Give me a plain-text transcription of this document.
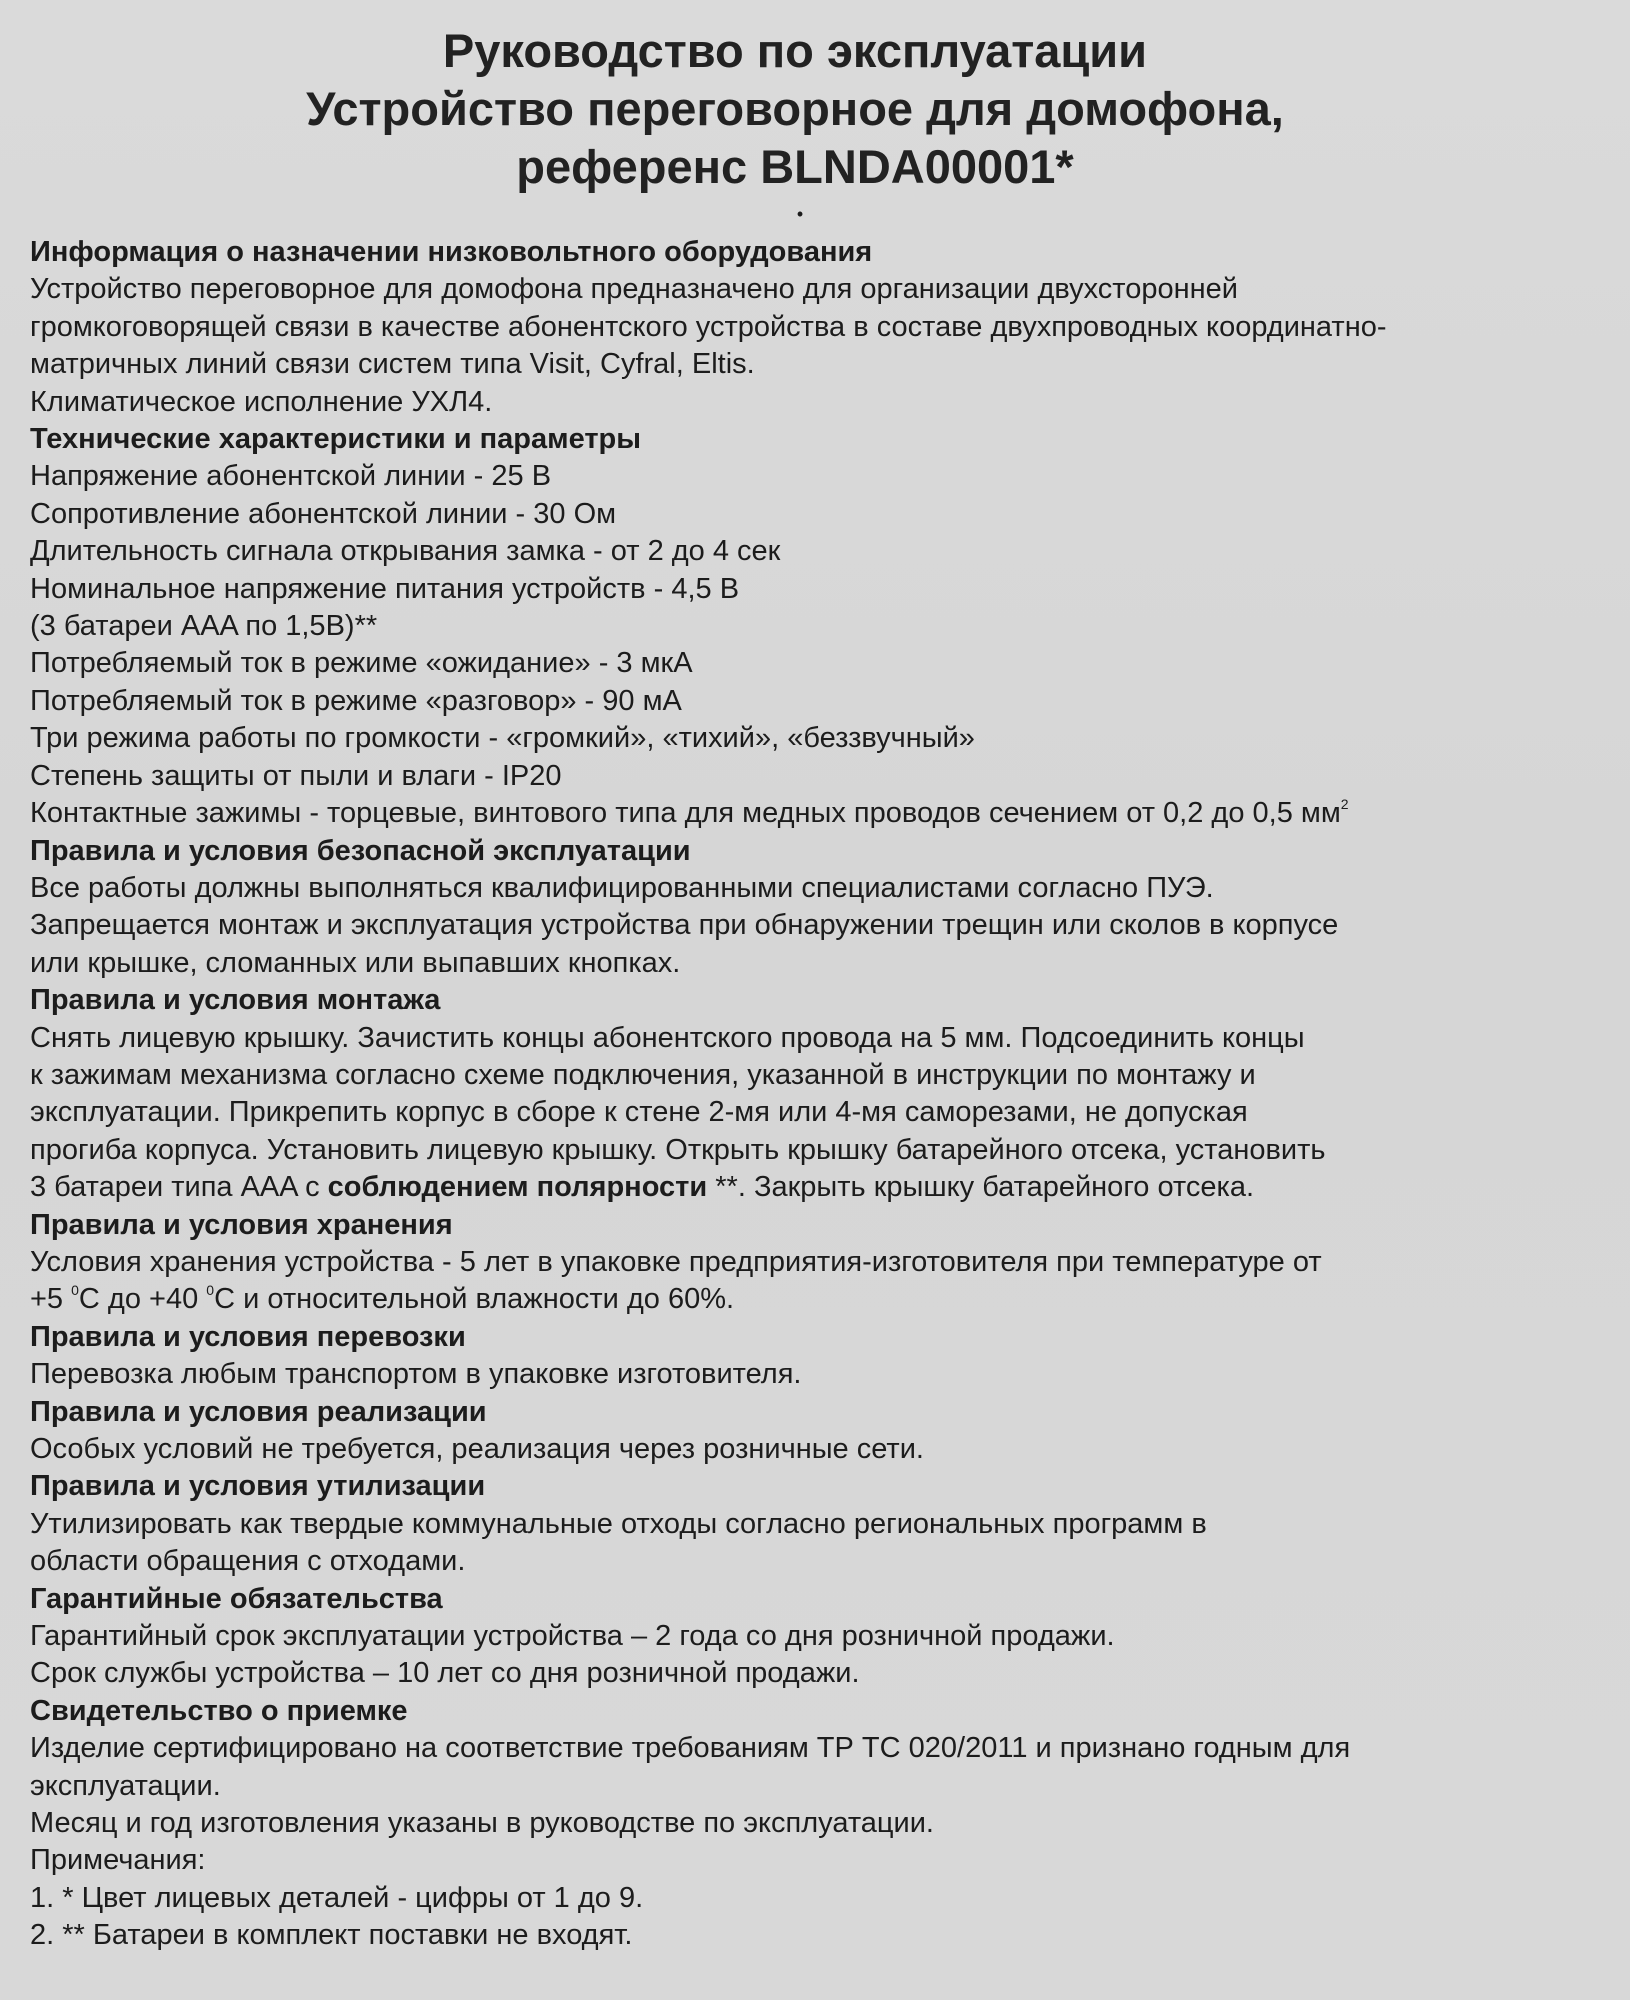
Руководство по эксплуатации
Устройство переговорное для домофона,
референс BLNDA00001*
•
Информация о назначении низковольтного оборудования
Устройство переговорное для домофона предназначено для организации двухсторонней
громкоговорящей связи в качестве абонентского устройства в составе двухпроводных координатно-
матричных линий связи систем типа Visit, Cyfral, Eltis.
Климатическое исполнение УХЛ4.
Технические характеристики и параметры
Напряжение абонентской линии - 25 В
Сопротивление абонентской линии - 30 Ом
Длительность сигнала открывания замка - от 2 до 4 сек
Номинальное напряжение питания устройств - 4,5 В
(3 батареи AAA по 1,5В)**
Потребляемый ток в режиме «ожидание» - 3 мкА
Потребляемый ток в режиме «разговор» - 90 мА
Три режима работы по громкости - «громкий», «тихий», «беззвучный»
Степень защиты от пыли и влаги - IP20
Контактные зажимы - торцевые, винтового типа для медных проводов сечением от 0,2 до 0,5 $мм^2$
Правила и условия безопасной эксплуатации
Все работы должны выполняться квалифицированными специалистами согласно ПУЭ.
Запрещается монтаж и эксплуатация устройства при обнаружении трещин или сколов в корпусе
или крышке, сломанных или выпавших кнопках.
Правила и условия монтажа
Снять лицевую крышку. Зачистить концы абонентского провода на 5 мм. Подсоединить концы
к зажимам механизма согласно схеме подключения, указанной в инструкции по монтажу и
эксплуатации. Прикрепить корпус в сборе к стене 2-мя или 4-мя саморезами, не допуская
прогиба корпуса. Установить лицевую крышку. Открыть крышку батарейного отсека, установить
3 батареи типа AAA с соблюдением полярности **. Закрыть крышку батарейного отсека.
Правила и условия хранения
Условия хранения устройства - 5 лет в упаковке предприятия-изготовителя при температуре от
+5 $^0$С до +40 $^0$С и относительной влажности до 60%.
Правила и условия перевозки
Перевозка любым транспортом в упаковке изготовителя.
Правила и условия реализации
Особых условий не требуется, реализация через розничные сети.
Правила и условия утилизации
Утилизировать как твердые коммунальные отходы согласно региональных программ в
области обращения с отходами.
Гарантийные обязательства
Гарантийный срок эксплуатации устройства – 2 года со дня розничной продажи.
Срок службы устройства – 10 лет со дня розничной продажи.
Свидетельство о приемке
Изделие сертифицировано на соответствие требованиям ТР ТС 020/2011 и признано годным для
эксплуатации.
Месяц и год изготовления указаны в руководстве по эксплуатации.
Примечания:
1. * Цвет лицевых деталей - цифры от 1 до 9.
2. ** Батареи в комплект поставки не входят.
